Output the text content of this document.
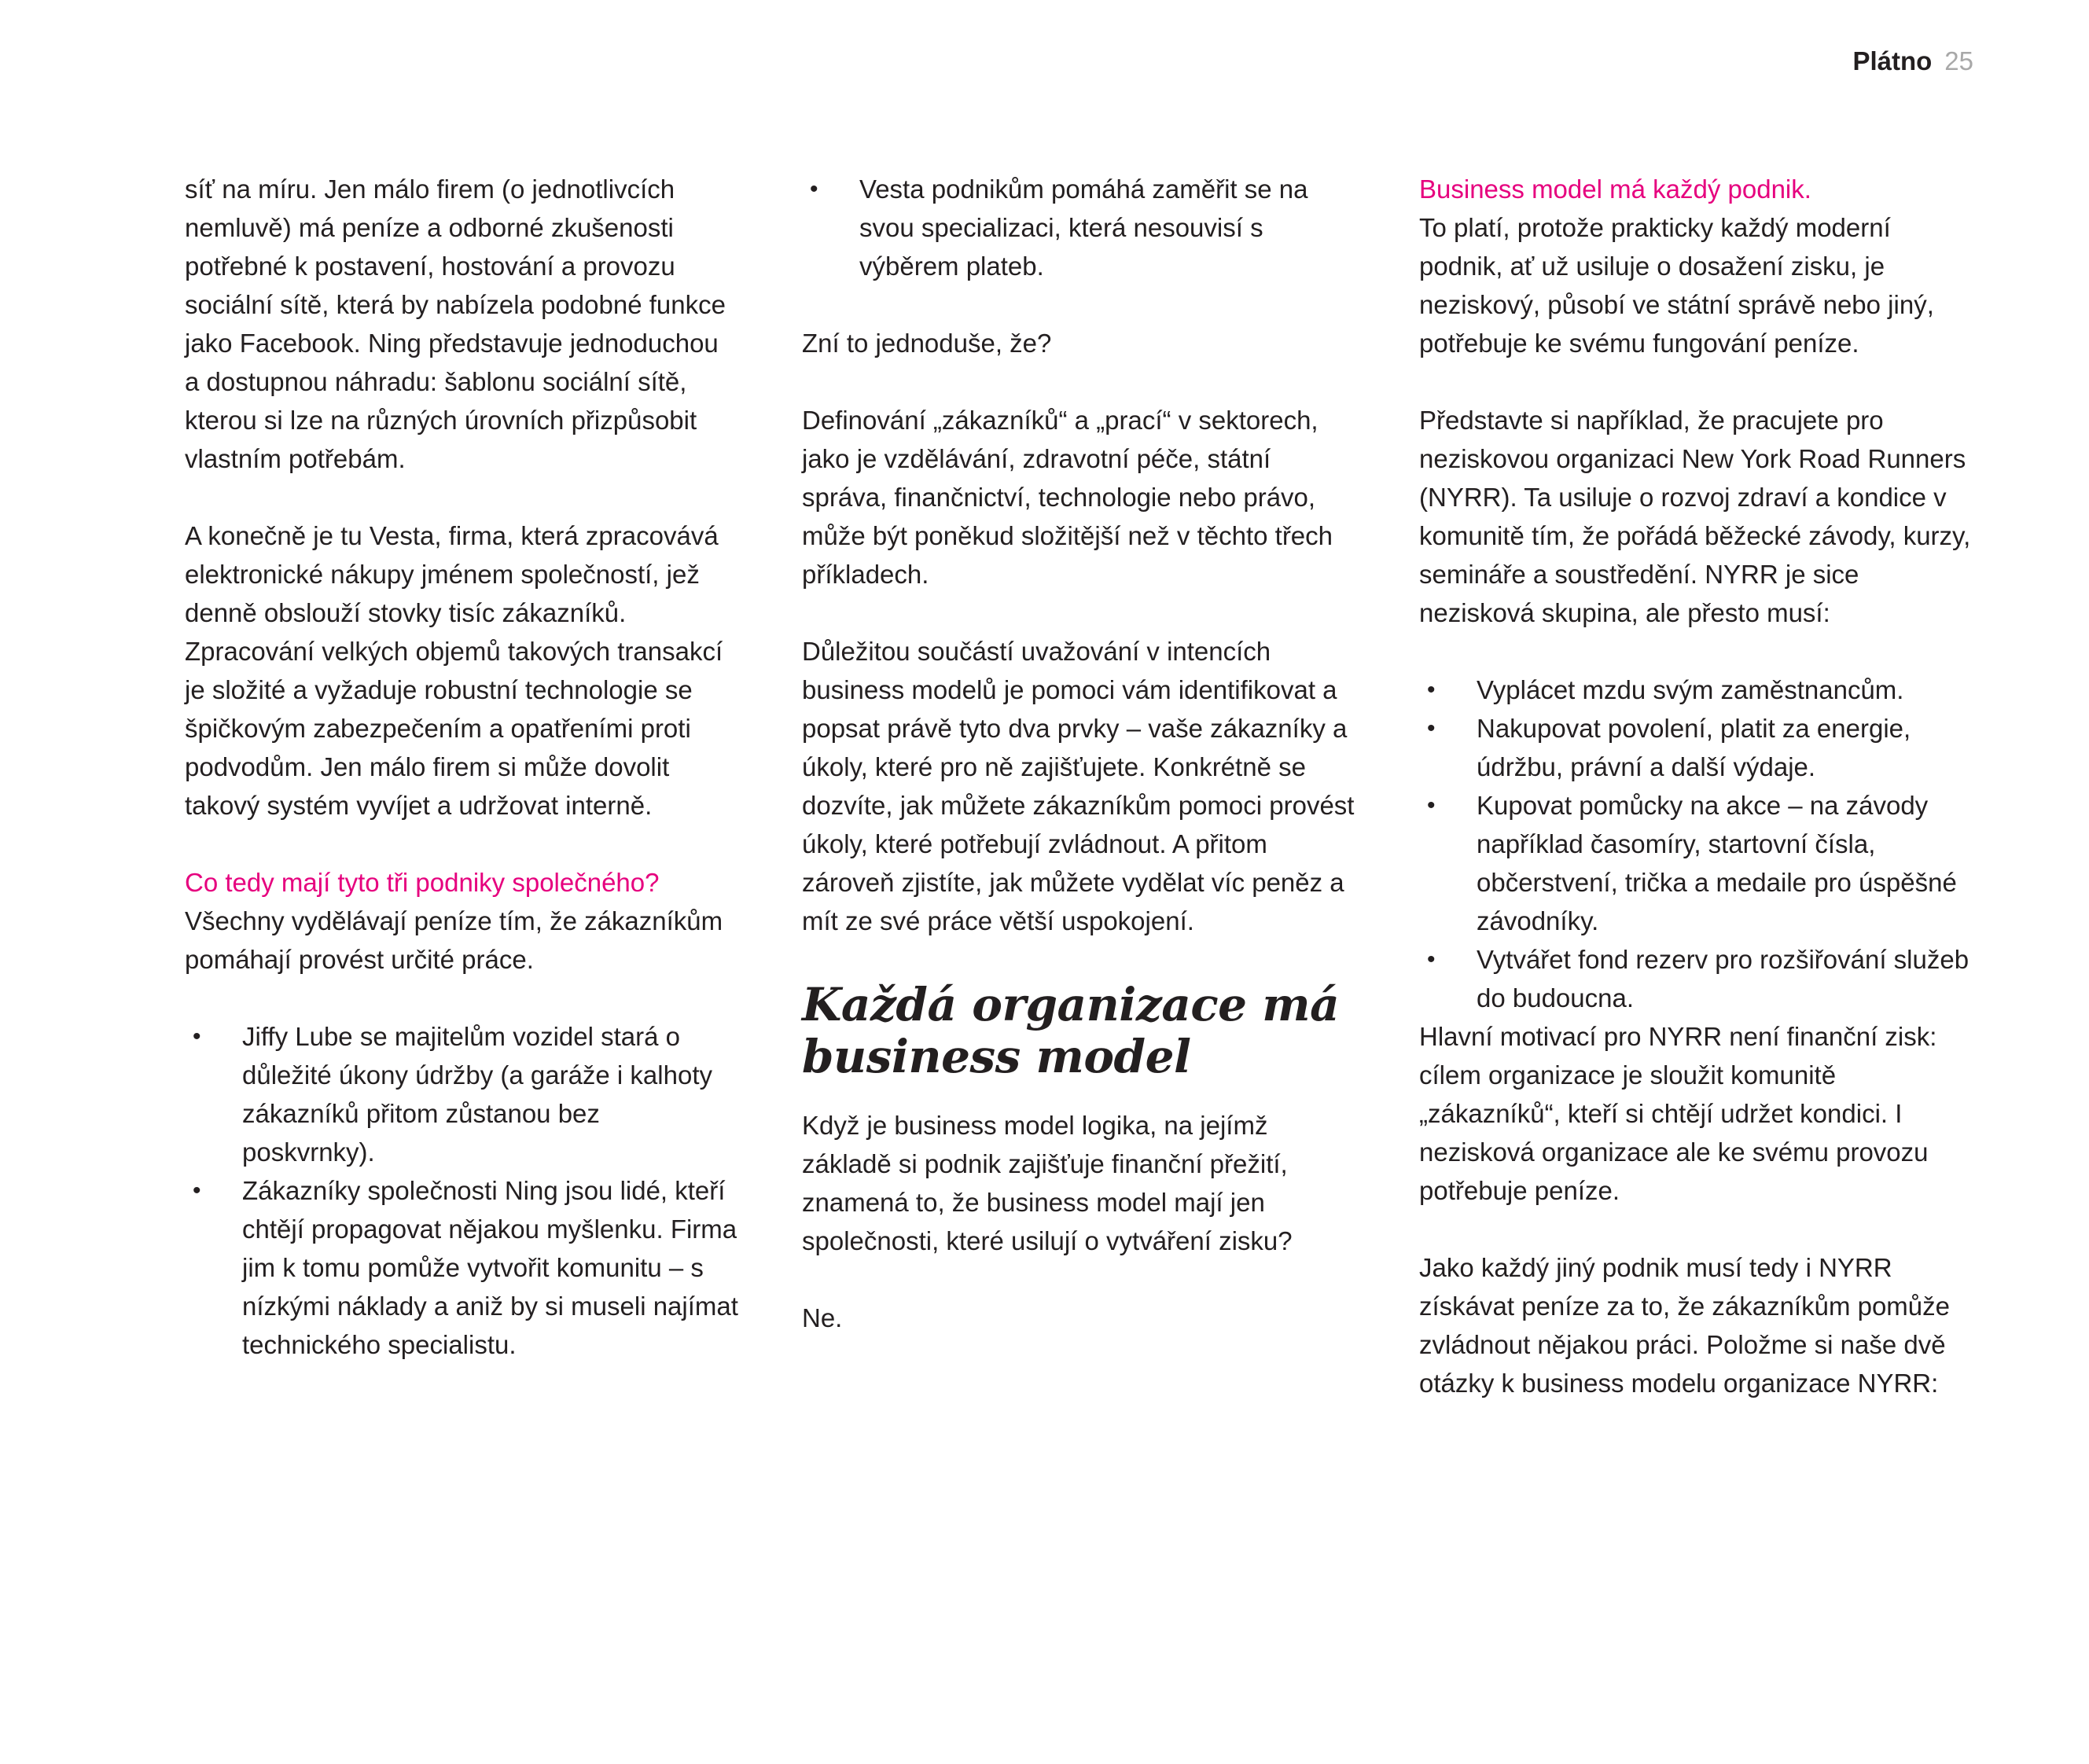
Plátno 25

síť na míru. Jen málo firem (o jednotlivcích nemluvě) má peníze a odborné zkušenosti potřebné k postavení, hostování a provozu sociální sítě, která by nabízela podobné funkce jako Facebook. Ning představuje jednoduchou a dostupnou náhradu: šablonu sociální sítě, kterou si lze na různých úrovních přizpůsobit vlastním potřebám.

A konečně je tu Vesta, firma, která zpracovává elektronické nákupy jménem společností, jež denně obslouží stovky tisíc zákazníků. Zpracování velkých objemů takových transakcí je složité a vyžaduje robustní technologie se špičkovým zabezpečením a opatřeními proti podvodům. Jen málo firem si může dovolit takový systém vyvíjet a udržovat interně.

Co tedy mají tyto tři podniky společného?

Všechny vydělávají peníze tím, že zákazníkům pomáhají provést určité práce.

• Jiffy Lube se majitelům vozidel stará o důležité úkony údržby (a garáže i kalhoty zákazníků přitom zůstanou bez poskvrnky).
• Zákazníky společnosti Ning jsou lidé, kteří chtějí propagovat nějakou myšlenku. Firma jim k tomu pomůže vytvořit komunitu – s nízkými náklady a aniž by si museli najímat technického specialistu.
• Vesta podnikům pomáhá zaměřit se na svou specializaci, která nesouvisí s výběrem plateb.

Zní to jednoduše, že?

Definování „zákazníků“ a „prací“ v sektorech, jako je vzdělávání, zdravotní péče, státní správa, finančnictví, technologie nebo právo, může být poněkud složitější než v těchto třech příkladech.

Důležitou součástí uvažování v intencích business modelů je pomoci vám identifikovat a popsat právě tyto dva prvky – vaše zákazníky a úkoly, které pro ně zajišťujete. Konkrétně se dozvíte, jak můžete zákazníkům pomoci provést úkoly, které potřebují zvládnout. A přitom zároveň zjistíte, jak můžete vydělat víc peněz a mít ze své práce větší uspokojení.

Každá organizace má business model

Když je business model logika, na jejímž základě si podnik zajišťuje finanční přežití, znamená to, že business model mají jen společnosti, které usilují o vytváření zisku?

Ne.

Business model má každý podnik.

To platí, protože prakticky každý moderní podnik, ať už usiluje o dosažení zisku, je neziskový, působí ve státní správě nebo jiný, potřebuje ke svému fungování peníze.

Představte si například, že pracujete pro neziskovou organizaci New York Road Runners (NYRR). Ta usiluje o rozvoj zdraví a kondice v komunitě tím, že pořádá běžecké závody, kurzy, semináře a soustředění. NYRR je sice nezisková skupina, ale přesto musí:

• Vyplácet mzdu svým zaměstnancům.
• Nakupovat povolení, platit za energie, údržbu, právní a další výdaje.
• Kupovat pomůcky na akce – na závody například časomíry, startovní čísla, občerstvení, trička a medaile pro úspěšné závodníky.
• Vytvářet fond rezerv pro rozšiřování služeb do budoucna.

Hlavní motivací pro NYRR není finanční zisk: cílem organizace je sloužit komunitě „zákazníků“, kteří si chtějí udržet kondici. I nezisková organizace ale ke svému provozu potřebuje peníze.

Jako každý jiný podnik musí tedy i NYRR získávat peníze za to, že zákazníkům pomůže zvládnout nějakou práci. Položme si naše dvě otázky k business modelu organizace NYRR:
